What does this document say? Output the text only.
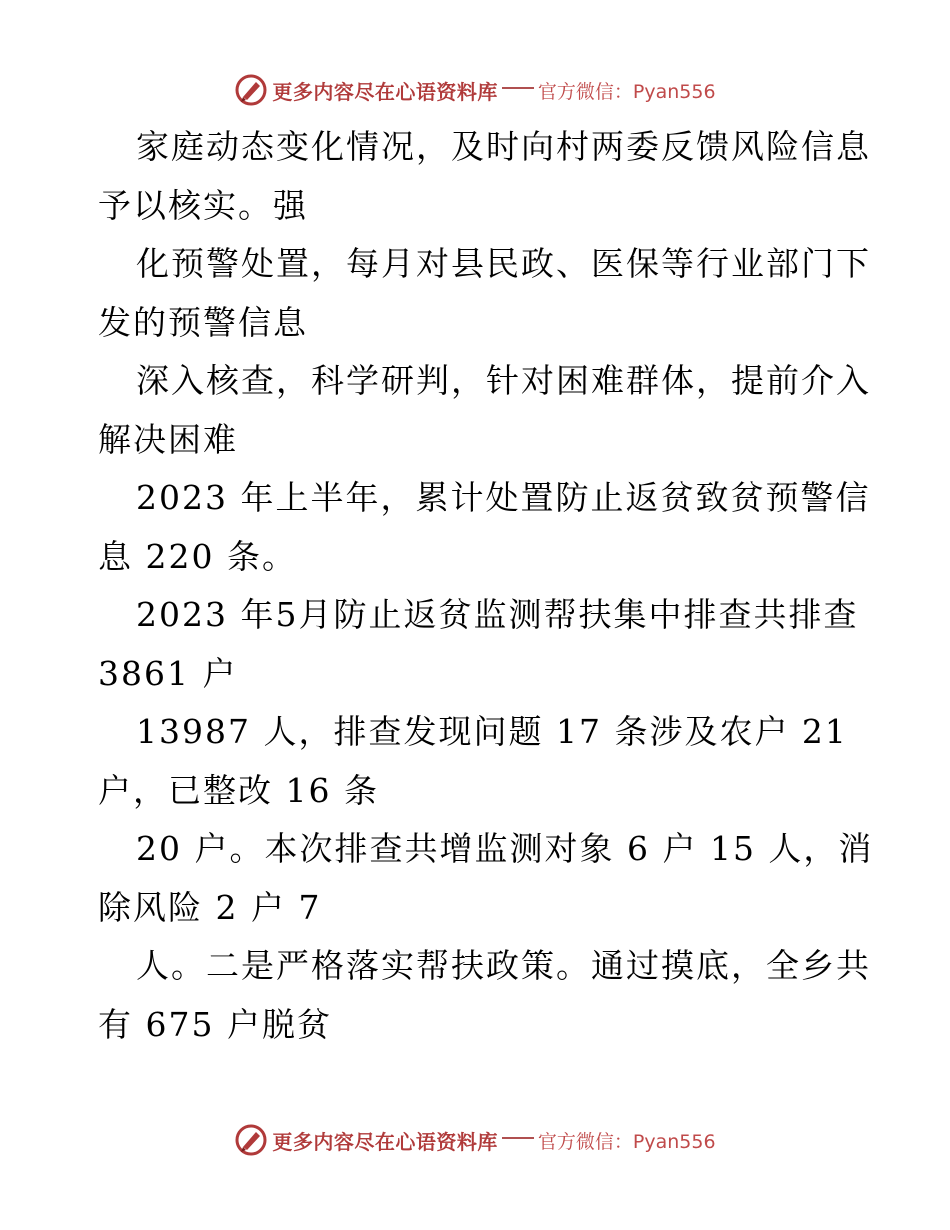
更多内容尽在心语资料库 官方微信：Pyan556
家庭动态变化情况，及时向村两委反馈风险信息
予以核实。强
化预警处置，每月对县民政、医保等行业部门下
发的预警信息
深入核查，科学研判，针对困难群体，提前介入
解决困难
2023 年上半年，累计处置防止返贫致贫预警信
息 220 条。
2023 年5月防止返贫监测帮扶集中排查共排查
3861 户
13987 人，排查发现问题 17 条涉及农户 21
户，已整改 16 条
20 户。本次排查共增监测对象 6 户 15 人，消
除风险 2 户 7
人。二是严格落实帮扶政策。通过摸底，全乡共
有 675 户脱贫
更多内容尽在心语资料库 官方微信：Pyan556
